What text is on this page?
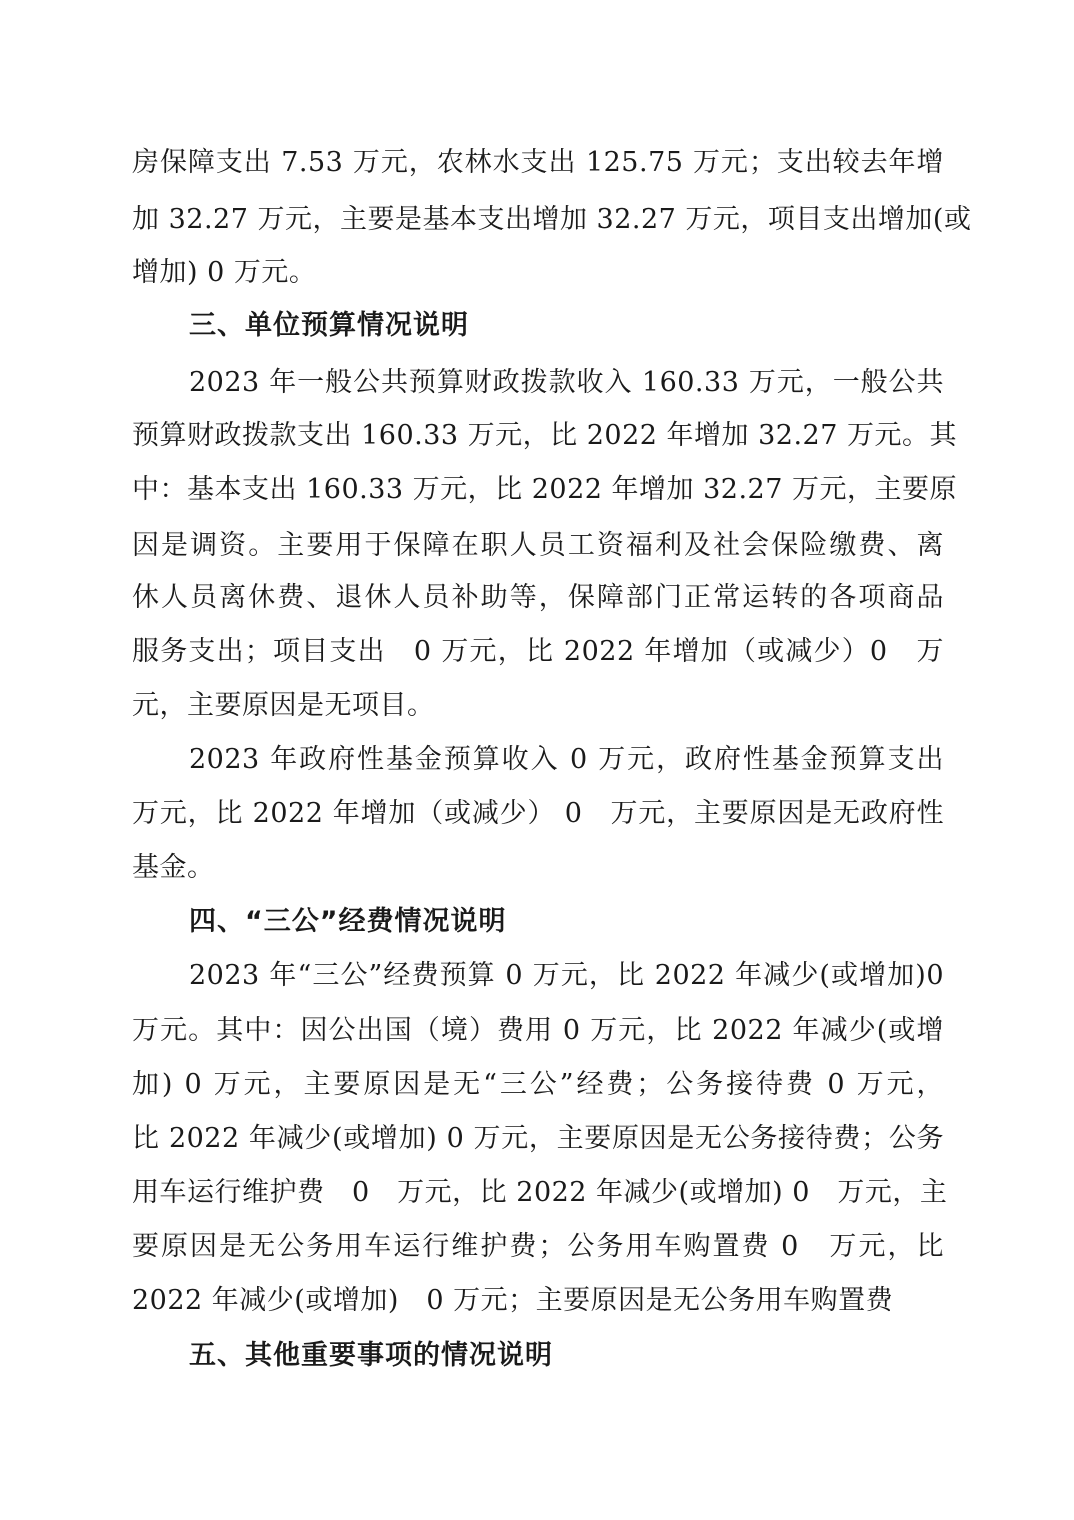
房保障支出 7.53 万元，农林水支出 125.75 万元；支出较去年增
加 32.27 万元，主要是基本支出增加 32.27 万元，项目支出增加(或
增加) 0 万元。
三、单位预算情况说明
2023 年一般公共预算财政拨款收入 160.33 万元，一般公共
预算财政拨款支出 160.33 万元，比 2022 年增加 32.27 万元。其
中：基本支出 160.33 万元，比 2022 年增加 32.27 万元，主要原
因是调资。主要用于保障在职人员工资福利及社会保险缴费、离
休人员离休费、退休人员补助等，保障部门正常运转的各项商品
服务支出；项目支出　0 万元，比 2022 年增加（或减少）0　万
元，主要原因是无项目。
2023 年政府性基金预算收入 0 万元，政府性基金预算支出
万元，比 2022 年增加（或减少） 0　万元，主要原因是无政府性
基金。
四、“三公”经费情况说明
2023 年“三公”经费预算 0 万元，比 2022 年减少(或增加)0
万元。其中：因公出国（境）费用 0 万元，比 2022 年减少(或增
加) 0 万元，主要原因是无“三公”经费；公务接待费 0 万元，
比 2022 年减少(或增加) 0 万元，主要原因是无公务接待费；公务
用车运行维护费　0　万元，比 2022 年减少(或增加) 0　万元，主
要原因是无公务用车运行维护费；公务用车购置费 0　万元，比
2022 年减少(或增加)　0 万元；主要原因是无公务用车购置费
五、其他重要事项的情况说明
